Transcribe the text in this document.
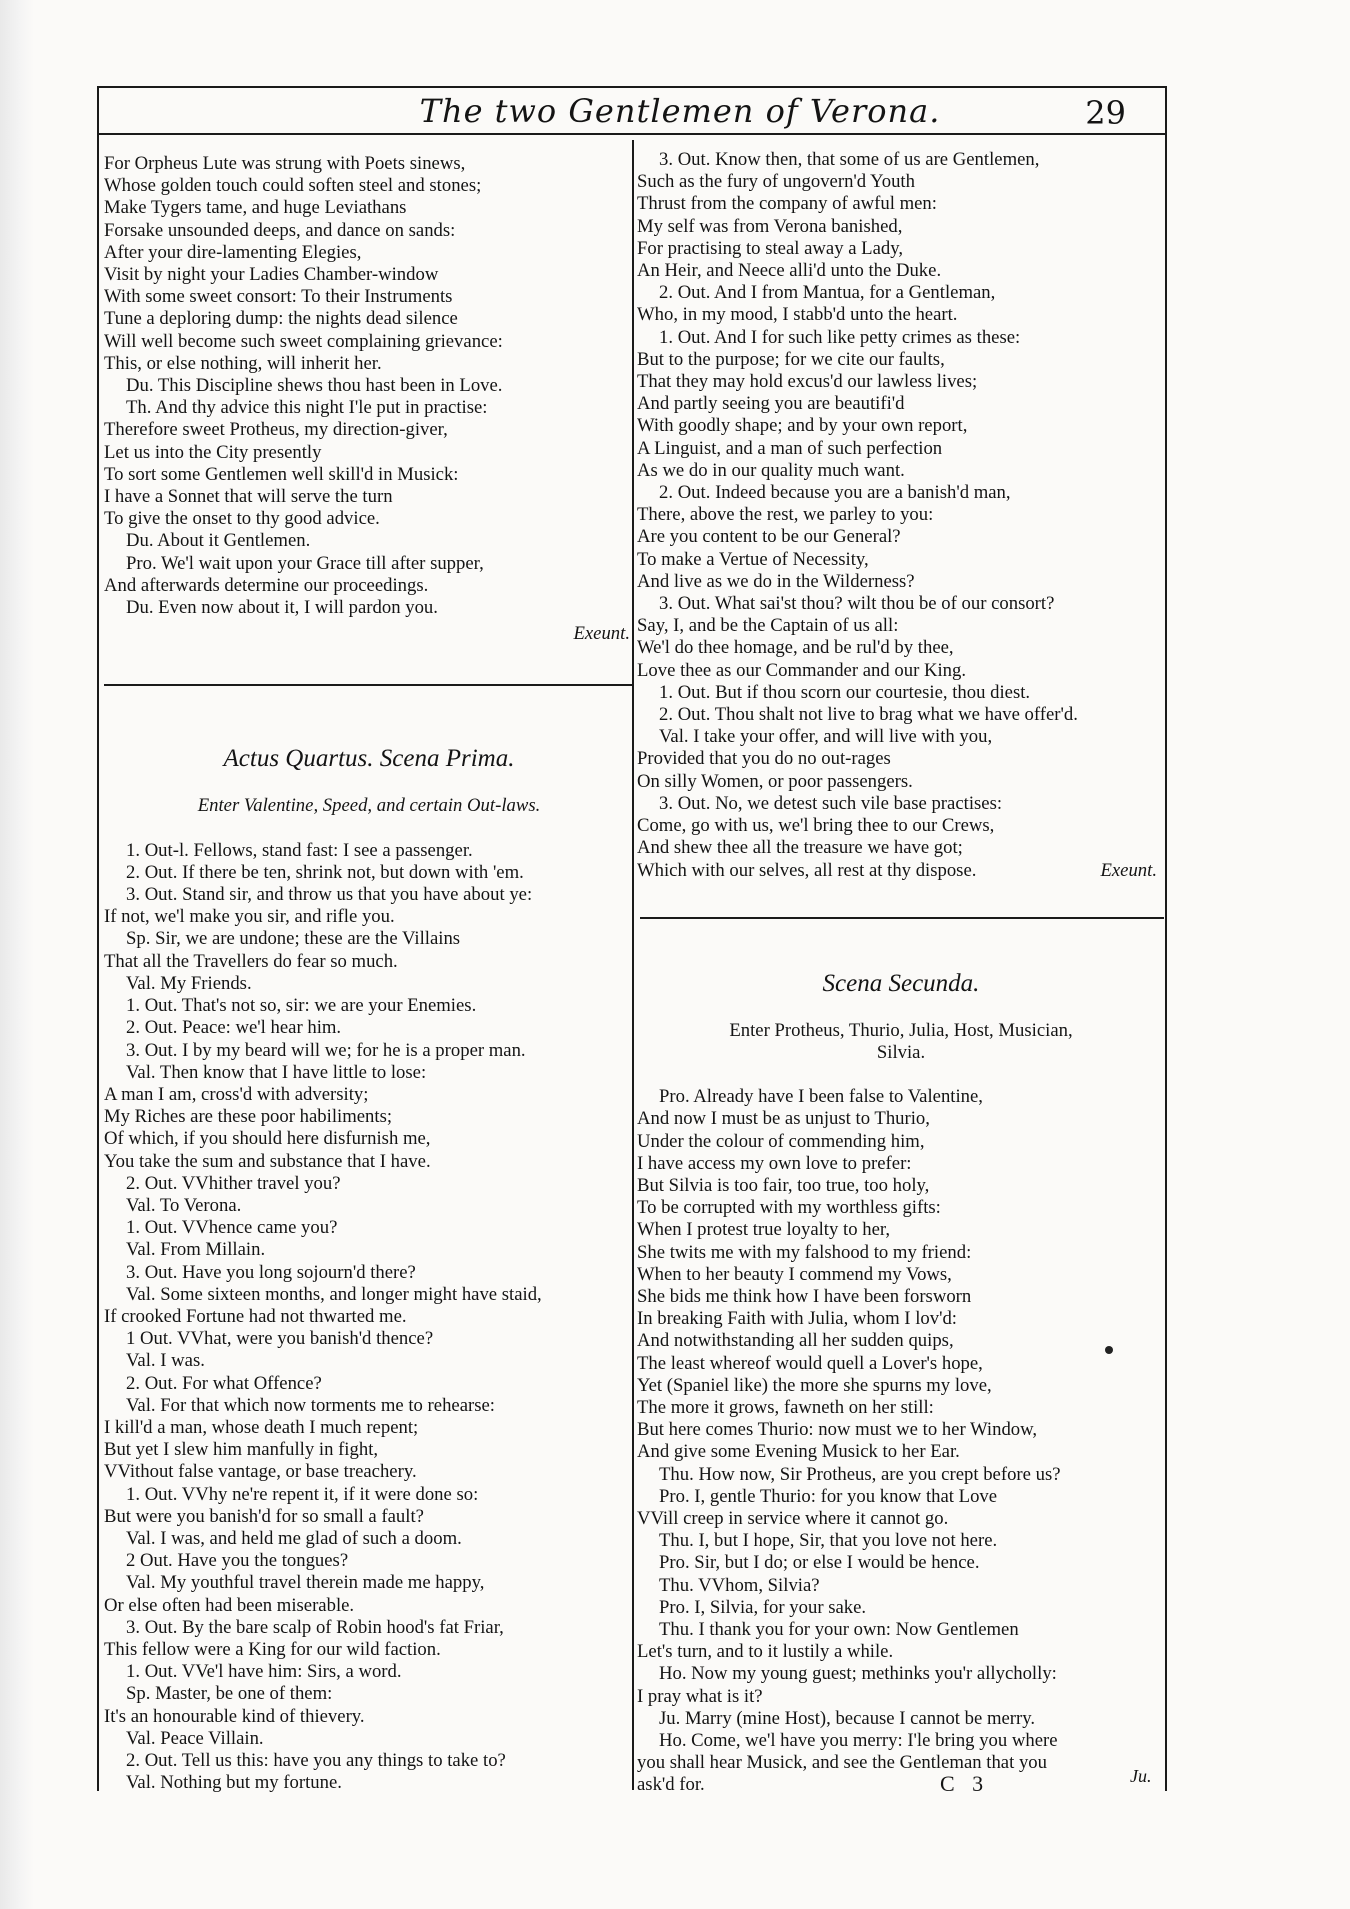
The two Gentlemen of Verona.	29
For Orpheus Lute was strung with Poets sinews,
Whose golden touch could soften steel and stones;
Make Tygers tame, and huge Leviathans
Forsake unsounded deeps, and dance on sands:
After your dire-lamenting Elegies,
Visit by night your Ladies Chamber-window
With some sweet consort: To their Instruments
Tune a deploring dump: the nights dead silence
Will well become such sweet complaining grievance:
This, or else nothing, will inherit her.
Du. This Discipline shews thou hast been in Love.
Th. And thy advice this night I'le put in practise:
Therefore sweet Protheus, my direction-giver,
Let us into the City presently
To sort some Gentlemen well skill'd in Musick:
I have a Sonnet that will serve the turn
To give the onset to thy good advice.
Du. About it Gentlemen.
Pro. We'l wait upon your Grace till after supper,
And afterwards determine our proceedings.
Du. Even now about it, I will pardon you.
Exeunt.
Actus Quartus. Scena Prima.
Enter Valentine, Speed, and certain Out-laws.
1. Out-l. Fellows, stand fast: I see a passenger.
2. Out. If there be ten, shrink not, but down with 'em.
3. Out. Stand sir, and throw us that you have about ye:
If not, we'l make you sir, and rifle you.
Sp. Sir, we are undone; these are the Villains
That all the Travellers do fear so much.
Val. My Friends.
1. Out. That's not so, sir: we are your Enemies.
2. Out. Peace: we'l hear him.
3. Out. I by my beard will we; for he is a proper man.
Val. Then know that I have little to lose:
A man I am, cross'd with adversity;
My Riches are these poor habiliments;
Of which, if you should here disfurnish me,
You take the sum and substance that I have.
2. Out. VVhither travel you?
Val. To Verona.
1. Out. VVhence came you?
Val. From Millain.
3. Out. Have you long sojourn'd there?
Val. Some sixteen months, and longer might have staid,
If crooked Fortune had not thwarted me.
1 Out. VVhat, were you banish'd thence?
Val. I was.
2. Out. For what Offence?
Val. For that which now torments me to rehearse:
I kill'd a man, whose death I much repent;
But yet I slew him manfully in fight,
VVithout false vantage, or base treachery.
1. Out. VVhy ne're repent it, if it were done so:
But were you banish'd for so small a fault?
Val. I was, and held me glad of such a doom.
2 Out. Have you the tongues?
Val. My youthful travel therein made me happy,
Or else often had been miserable.
3. Out. By the bare scalp of Robin hood's fat Friar,
This fellow were a King for our wild faction.
1. Out. VVe'l have him: Sirs, a word.
Sp. Master, be one of them:
It's an honourable kind of thievery.
Val. Peace Villain.
2. Out. Tell us this: have you any things to take to?
Val. Nothing but my fortune.
3. Out. Know then, that some of us are Gentlemen,
Such as the fury of ungovern'd Youth
Thrust from the company of awful men:
My self was from Verona banished,
For practising to steal away a Lady,
An Heir, and Neece alli'd unto the Duke.
2. Out. And I from Mantua, for a Gentleman,
Who, in my mood, I stabb'd unto the heart.
1. Out. And I for such like petty crimes as these:
But to the purpose; for we cite our faults,
That they may hold excus'd our lawless lives;
And partly seeing you are beautifi'd
With goodly shape; and by your own report,
A Linguist, and a man of such perfection
As we do in our quality much want.
2. Out. Indeed because you are a banish'd man,
There, above the rest, we parley to you:
Are you content to be our General?
To make a Vertue of Necessity,
And live as we do in the Wilderness?
3. Out. What sai'st thou? wilt thou be of our consort?
Say, I, and be the Captain of us all:
We'l do thee homage, and be rul'd by thee,
Love thee as our Commander and our King.
1. Out. But if thou scorn our courtesie, thou diest.
2. Out. Thou shalt not live to brag what we have offer'd.
Val. I take your offer, and will live with you,
Provided that you do no out-rages
On silly Women, or poor passengers.
3. Out. No, we detest such vile base practises:
Come, go with us, we'l bring thee to our Crews,
And shew thee all the treasure we have got;
Which with our selves, all rest at thy dispose.	Exeunt.
Scena Secunda.
Enter Protheus, Thurio, Julia, Host, Musician,
Silvia.
Pro. Already have I been false to Valentine,
And now I must be as unjust to Thurio,
Under the colour of commending him,
I have access my own love to prefer:
But Silvia is too fair, too true, too holy,
To be corrupted with my worthless gifts:
When I protest true loyalty to her,
She twits me with my falshood to my friend:
When to her beauty I commend my Vows,
She bids me think how I have been forsworn
In breaking Faith with Julia, whom I lov'd:
And notwithstanding all her sudden quips,
The least whereof would quell a Lover's hope,
Yet (Spaniel like) the more she spurns my love,
The more it grows, fawneth on her still:
But here comes Thurio: now must we to her Window,
And give some Evening Musick to her Ear.
Thu. How now, Sir Protheus, are you crept before us?
Pro. I, gentle Thurio: for you know that Love
VVill creep in service where it cannot go.
Thu. I, but I hope, Sir, that you love not here.
Pro. Sir, but I do; or else I would be hence.
Thu. VVhom, Silvia?
Pro. I, Silvia, for your sake.
Thu. I thank you for your own: Now Gentlemen
Let's turn, and to it lustily a while.
Ho. Now my young guest; methinks you'r allycholly:
I pray what is it?
Ju. Marry (mine Host), because I cannot be merry.
Ho. Come, we'l have you merry: I'le bring you where
you shall hear Musick, and see the Gentleman that you
ask'd for.	C 3	Ju.
